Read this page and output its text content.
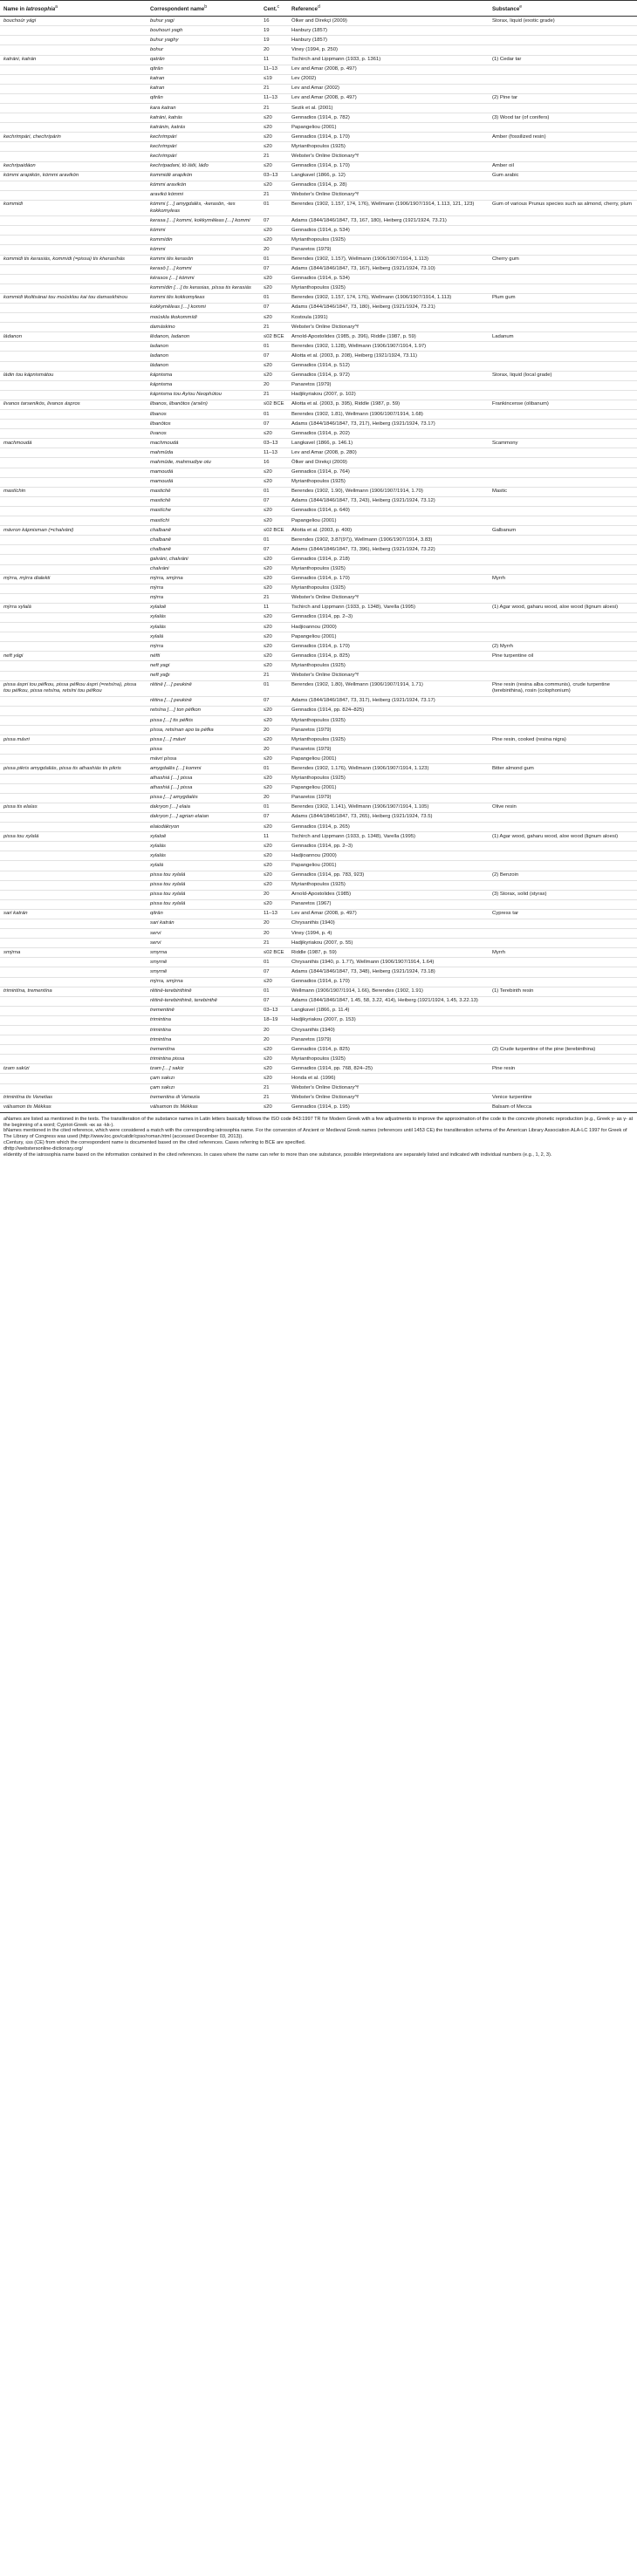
Name in Iatrosophia$^a$	Correspondent name$^b$	Cent.$^c$	Reference$^d$	Substance$^e$
bouchoúr yági	buhur yagi	16	Ölker and Direkçi (2009)	Storax, liquid (exotic grade)
	bouhouri yagh	19	Hanbury (1857)	
	buhur yaghy	19	Hanbury (1857)	
	bohur	20	Viney (1994, p. 250)	
katráni, katrán	qatrān	11	Tschirch and Lippmann (1933, p. 1361)	(1) Cedar tar
	qitrān	11–13	Lev and Amar (2008, p. 497)	
	katran	≤19	Lev (2002)	
	katran	21	Lev and Amar (2002)	
	qitrān	11–13	Lev and Amar (2008, p. 497)	(2) Pine tar
	kara katran	21	Sezik et al. (2001)	
	katráni, katrás	≤20	Gennadios (1914, p. 782)	(3) Wood tar (of conifers)
	katránin, katrás	≤20	Papangeliou (2001)	
kechrimpári, chechripárin	kechrimpári	≤20	Gennadios (1914, p. 170)	Amber (fossilized resin)
	kechrimpári	≤20	Myrianthopoulos (1925)	
	kechrimpári	21	Webster's Online Dictionary^f	
kechripaidáon	kechripadani, tō láði, láđo	≤20	Gennadios (1914, p. 170)	Amber oil
kómmi arapikón, kómmi aravikón	kommidē arapikón	03–13	Langkavel (1866, p. 12)	Gum arabic
	kómmi aravikón	≤20	Gennadios (1914, p. 28)	
	aravikó kómmi	21	Webster's Online Dictionary^f	
kommidi	kómmi […] amygdalēs, -kerasōn, -tes kokkomyleas	01	Berendes (1902, 1.157, 174, 176), Wellmann (1906/1907/1914, 1.113, 121, 123)	Gum of various Prunus species such as almond, cherry, plum
	kerasa […] kommi, kokkymēleas […] kommi	07	Adams (1844/1846/1847, 73, 167, 180), Heiberg (1921/1924, 73.21)	
	kómmi	≤20	Gennadios (1914, p. 534)	
	kommídin	≤20	Myrianthopoulos (1925)	
	kómmi	20	Panaretos (1979)	
kommidi tis kerasiás, kommidi (=pissa) tis kherasíhás	kommi tēs kerasōn	01	Berendes (1902, 1.157), Wellmann (1906/1907/1914, 1.113)	Cherry gum
	kerasō […] kommi	07	Adams (1844/1846/1847, 73, 167), Heiberg (1921/1924, 73.10)	
	kérasos […] kómmi	≤20	Gennadios (1914, p. 534)	
	kommídin […] tis kerasias, píssa tis kerasiás	≤20	Myrianthopoulos (1925)	
kommidi tkolitsánai tou moúsklou kai tou damaskhinou	kommi tēs kokkomyleas	01	Berendes (1902, 1.157, 174, 176), Wellmann (1906/1907/1914, 1.113)	Plum gum
	kokkymēleas […] kommi	07	Adams (1844/1846/1847, 73, 180), Heiberg (1921/1924, 73.21)	
	moúskla tkokommídi	≤20	Kostoula (1991)	
	damáskino	21	Webster's Online Dictionary^f	
ládanon	lēdanon, ladanon	≤02 BCE	Arnold-Apostolides (1985, p. 396), Riddle (1987, p. 59)	Ladanum
	ladanon	01	Berendes (1902, 1.128), Wellmann (1906/1907/1914, 1.97)	
	ladanon	07	Aliotta et al. (2003, p. 208), Heiberg (1921/1924, 73.11)	
	ládanon	≤20	Gennadios (1914, p. 512)	
ládin tou kápnismátou	kápnisma	≤20	Gennadios (1914, p. 972)	Storax, liquid (local grade)
	kápnisma	20	Panaretos (1979)	
	kápnisma tou Ayíou Neophútou	21	Hadjikyriakou (2007, p. 102)	
livanos tarsenikós, livanos áspros	libanos, libanōtos (arsēn)	≤02 BCE	Aliotta et al. (2003, p. 395), Riddle (1987, p. 59)	Frankincense (olibanum)
	libanos	01	Berendes (1902, 1.81), Wellmann (1906/1907/1914, 1.68)	
	libanōtos	07	Adams (1844/1846/1847, 73, 217), Heiberg (1921/1924, 73.17)	
	lívanos	≤20	Gennadios (1914, p. 202)	
machmoudá	machmoudá	03–13	Langkavel (1866, p. 146.1)	Scammony
	mahmūda	11–13	Lev and Amar (2008, p. 280)	
	mahmūde, mahmudiye otu	16	Ölker and Direkçi (2009)	
	mamoudá	≤20	Gennadios (1914, p. 764)	
	mamoudá	≤20	Myrianthopoulos (1925)	
mastíchin	mastichē	01	Berendes (1902, 1.90), Wellmann (1906/1907/1914, 1.70)	Mastic
	mastichē	07	Adams (1844/1846/1847, 73, 243), Heiberg (1921/1924, 73.12)	
	mastíche	≤20	Gennadios (1914, p. 640)	
	mastíchi	≤20	Papangeliou (2001)	
mávron kápnisman (=chalváni)	chalbanē	≤02 BCE	Aliotta et al. (2003, p. 400)	Galbanum
	chalbanē	01	Berendes (1902, 3.87(97)), Wellmann (1906/1907/1914, 3.83)	
	chalbanē	07	Adams (1844/1846/1847, 73, 396), Heiberg (1921/1924, 73.22)	
	galváni, chalváni	≤20	Gennadios (1914, p. 218)	
	chalváni	≤20	Myrianthopoulos (1925)	
mýrra, mýrra dialekti	mýrra, smýrna	≤20	Gennadios (1914, p. 170)	Myrrh
	mýrra	≤20	Myrianthopoulos (1925)	
	mýrra	21	Webster's Online Dictionary^f	
mýrra xylalá	xylaloē	11	Tschirch and Lippmann (1933, p. 1348), Varella (1995)	(1) Agar wood, gaharu wood, aloe wood (lignum aloesi)
	xylalás	≤20	Gennadios (1914, pp. 2–3)	
	xylalás	≤20	Hadjioannou (2000)	
	xylalá	≤20	Papangeliou (2001)	
	mýrra	≤20	Gennadios (1914, p. 170)	(2) Myrrh
neft yági	néfti	≤20	Gennadios (1914, p. 825)	Pine turpentine oil
	neft yagi	≤20	Myrianthopoulos (1925)	
	neft yağı	21	Webster's Online Dictionary^f	
pissa áspri tou péfkou, pissa péfkou áspri (=retsína), pissa tou péfkou, pissa retsína, retsíni tou péfkou	rētinē […] peukinē	01	Berendes (1902, 1.80), Wellmann (1906/1907/1914, 1.71)	Pine resin (resina alba communis), crude turpentine (terebinthina), rosin (colophonium)
	rētina […] peukinē	07	Adams (1844/1846/1847, 73, 317), Heiberg (1921/1924, 73.17)	
	retsína […] ton péfkon	≤20	Gennadios (1914, pp. 824–825)	
	pissa […] tis péfkis	≤20	Myrianthopoulos (1925)	
	píssa, retsínan apo ta péfka	20	Panaretos (1979)	
pissa mávri	pissa […] mávri	≤20	Myrianthopoulos (1925)	Pine resin, cooked (resina nigra)
	pissa	20	Panaretos (1979)	
	mávri píssa	≤20	Papangeliou (2001)	
pissa pikris amygdaliás, pissa tis athashiás tis pikris	amygdalēs […] kommi	01	Berendes (1902, 1.176), Wellmann (1906/1907/1914, 1.123)	Bitter almond gum
	athashiá […] pissa	≤20	Myrianthopoulos (1925)	
	athashiá […] pissa	≤20	Papangeliou (2001)	
	pissa […] amygdalés	20	Panaretos (1979)	
pissa tis elaías	dakryon […] elaia	01	Berendes (1902, 1.141), Wellmann (1906/1907/1914, 1.105)	Olive resin
	dakryon […] agrian elaian	07	Adams (1844/1846/1847, 73, 265), Heiberg (1921/1924, 73.5)	
	elaiodákryon	≤20	Gennadios (1914, p. 265)	
pissa tou xylalá	xylaloē	11	Tschirch and Lippmann (1933, p. 1348), Varella (1995)	(1) Agar wood, gaharu wood, aloe wood (lignum aloesi)
	xylalás	≤20	Gennadios (1914, pp. 2–3)	
	xylalás	≤20	Hadjioannou (2000)	
	xylalá	≤20	Papangeliou (2001)	
	pissa tou xylalá	≤20	Gennadios (1914, pp. 783, 923)	(2) Benzoin
	pissa tou xylalá	≤20	Myrianthopoulos (1925)	
	pissa tou xylalá	20	Arnold-Apostolides (1985)	(3) Storax, solid (styrax)
	pissa tou xylalá	≤20	Panaretos (1967)	
sari katrán	qitrān	11–13	Lev and Amar (2008, p. 497)	Cypress tar
	sari katrán	20	Chrysanthis (1940)	
	servi	20	Viney (1994, p. 4)	
	servi	21	Hadjikyriakou (2007, p. 55)	
smýrna	smyrna	≤02 BCE	Riddle (1987, p. 59)	Myrrh
	smyrnē	01	Chrysanthis (1940, p. 1.77), Wellmann (1906/1907/1914, 1.64)	
	smyrnē	07	Adams (1844/1846/1847, 73, 348), Heiberg (1921/1924, 73.18)	
	mýrra, smýrna	≤20	Gennadios (1914, p. 170)	
trimintína, trementína	rētinē-terebinthinē	01	Wellmann (1906/1907/1914, 1.66), Berendes (1902, 1.91)	(1) Terebinth resin
	rētinē-terebinthinē, terebinthē	07	Adams (1844/1846/1847, 1.45, 58, 3.22, 414), Heiberg (1921/1924, 1.45, 3.22.13)	
	trementinē	03–13	Langkavel (1866, p. 11.4)	
	trimintina	18–19	Hadjikyriakou (2007, p. 153)	
	trimintina	20	Chrysanthis (1940)	
	trimintína	20	Panaretos (1979)	
	trementína	≤20	Gennadios (1914, p. 825)	(2) Crude turpentine of the pine (terebinthina)
	trimintina pissa	≤20	Myrianthopoulos (1925)	
tzam sakízi	tzam […] sakiz	≤20	Gennadios (1914, pp. 768, 824–25)	Pine resin
	çam sakızı	≤20	Honda et al. (1996)	
	çam sakızı	21	Webster's Online Dictionary^f	
trimintína tis Venetias	trementina di Venezia	21	Webster's Online Dictionary^f	Venice turpentine
válsamon tis Mékkas	válsamon tis Mékkas	≤20	Gennadios (1914, p. 195)	Balsam of Mecca

aNames are listed as mentioned in the texts. The transliteration of the substance names in Latin letters basically follows the ISO code 843:1997 TR for Modern Greek with a few adjustments to improve the approximation of the code to the concrete phonetic reproduction (e.g., Greek γ- as γ- at the beginning of a word; Cypriot-Greek -κκ as -kk-).

bNames mentioned in the cited reference, which were considered a match with the corresponding iatrosophia name. For the conversion of Ancient or Medieval Greek names (references until 1453 CE) the transliteration schema of the American Library Association ALA-LC 1997 for Greek of The Library of Congress was used (http://www.loc.gov/catdir/cpso/roman.html (accessed December 03, 2013)).

cCentury, ≤ss (CE) from which the correspondent name is documented based on the cited references. Cases referring to BCE are specified.

dhttp://webstersonline-dictionary.org/

eIdentity of the iatrosophia name based on the information contained in the cited references. In cases where the name can refer to more than one substance, possible interpretations are separately listed and indicated with individual numbers (e.g., 1, 2, 3).
